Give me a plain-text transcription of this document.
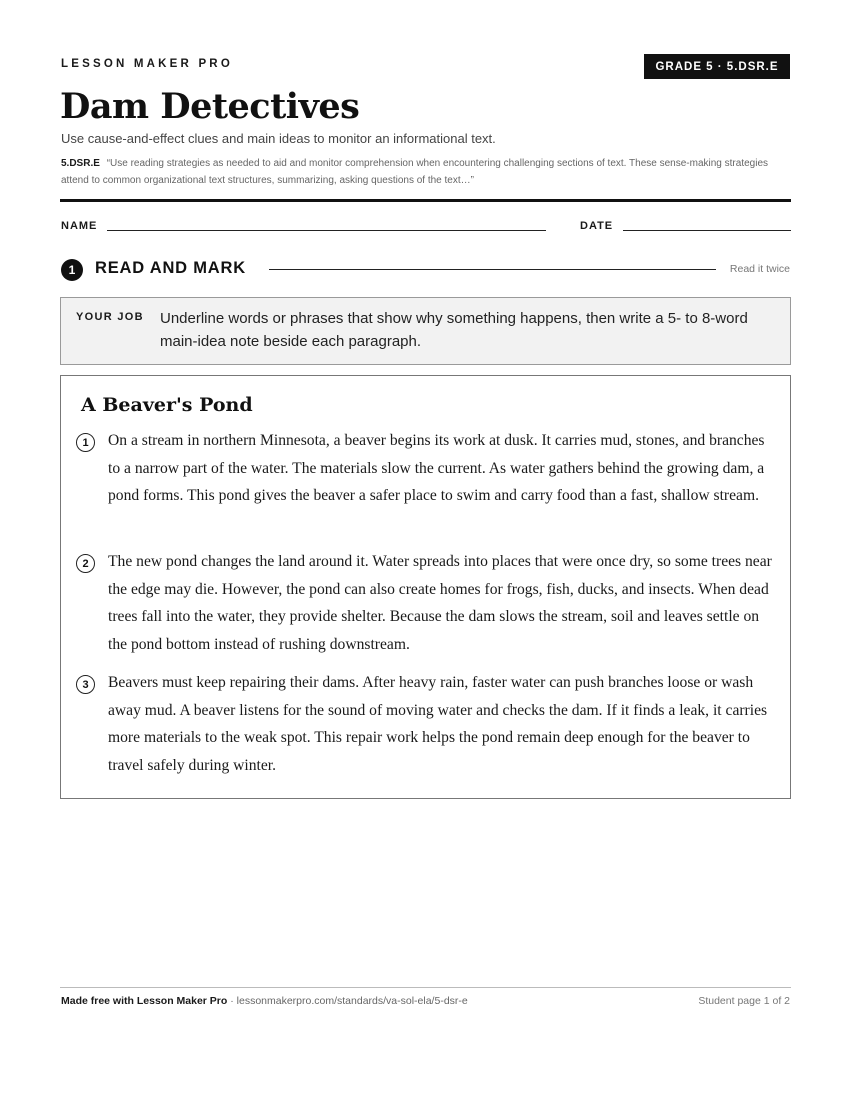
LESSON MAKER PRO	GRADE 5 · 5.DSR.E
Dam Detectives
Use cause-and-effect clues and main ideas to monitor an informational text.
5.DSR.E “Use reading strategies as needed to aid and monitor comprehension when encountering challenging sections of text. These sense-making strategies attend to common organizational text structures, summarizing, asking questions of the text…”
NAME	DATE
1	READ AND MARK	Read it twice
YOUR JOB Underline words or phrases that show why something happens, then write a 5- to 8-word main-idea note beside each paragraph.
A Beaver's Pond
1	On a stream in northern Minnesota, a beaver begins its work at dusk. It carries mud, stones, and branches to a narrow part of the water. The materials slow the current. As water gathers behind the growing dam, a pond forms. This pond gives the beaver a safer place to swim and carry food than a fast, shallow stream.
2	The new pond changes the land around it. Water spreads into places that were once dry, so some trees near the edge may die. However, the pond can also create homes for frogs, fish, ducks, and insects. When dead trees fall into the water, they provide shelter. Because the dam slows the stream, soil and leaves settle on the pond bottom instead of rushing downstream.
3	Beavers must keep repairing their dams. After heavy rain, faster water can push branches loose or wash away mud. A beaver listens for the sound of moving water and checks the dam. If it finds a leak, it carries more materials to the weak spot. This repair work helps the pond remain deep enough for the beaver to travel safely during winter.
Made free with Lesson Maker Pro · lessonmakerpro.com/standards/va-sol-ela/5-dsr-e	Student page 1 of 2
